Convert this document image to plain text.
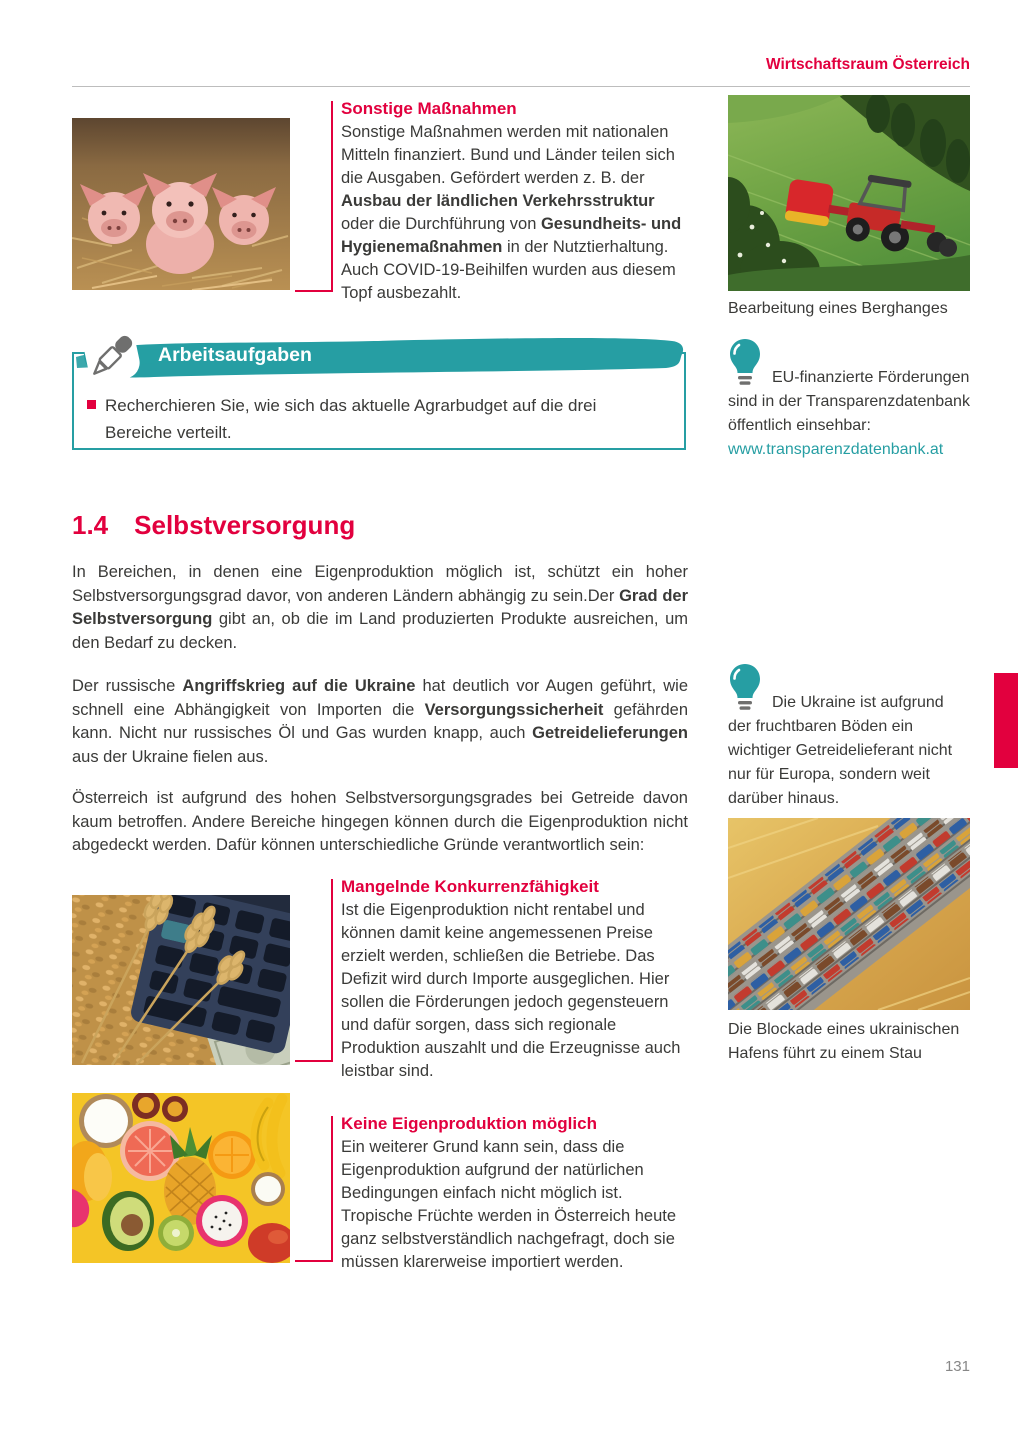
Wirtschaftsraum Österreich
Sonstige Maßnahmen

Sonstige Maßnahmen werden mit nationalen Mitteln finanziert. Bund und Länder teilen sich die Ausgaben. Gefördert werden z. B. der Ausbau der ländlichen Verkehrsstruktur oder die Durchführung von Gesundheits- und Hygienemaßnahmen in der Nutztierhaltung. Auch COVID-19-Beihilfen wurden aus diesem Topf ausbezahlt.

Arbeitsaufgaben
Recherchieren Sie, wie sich das aktuelle Agrarbudget auf die drei Bereiche verteilt.
1.4 Selbstversorgung

In Bereichen, in denen eine Eigenproduktion möglich ist, schützt ein hoher Selbstversorgungsgrad davor, von anderen Ländern abhängig zu sein.Der Grad der Selbstversorgung gibt an, ob die im Land produzierten Produkte ausreichen, um den Bedarf zu decken.

Der russische Angriffskrieg auf die Ukraine hat deutlich vor Augen geführt, wie schnell eine Abhängigkeit von Importen die Versorgungssicherheit gefährden kann. Nicht nur russisches Öl und Gas wurden knapp, auch Getreidelieferungen aus der Ukraine fielen aus.

Österreich ist aufgrund des hohen Selbstversorgungsgrades bei Getreide davon kaum betroffen. Andere Bereiche hingegen können durch die Eigenproduktion nicht abgedeckt werden. Dafür können unterschiedliche Gründe verantwortlich sein:

Mangelnde Konkurrenzfähigkeit

Ist die Eigenproduktion nicht rentabel und können damit keine angemessenen Preise erzielt werden, schließen die Betriebe. Das Defizit wird durch Importe ausgeglichen. Hier sollen die Förderungen jedoch gegensteuern und dafür sorgen, dass sich regionale Produktion auszahlt und die Erzeugnisse auch leistbar sind.

Keine Eigenproduktion möglich

Ein weiterer Grund kann sein, dass die Eigenproduktion aufgrund der natürlichen Bedingungen einfach nicht möglich ist. Tropische Früchte werden in Österreich heute ganz selbstverständlich nachgefragt, doch sie müssen klarerweise importiert werden.

Bearbeitung eines Berghanges

EU-finanzierte Förderungen sind in der Transparenzdatenbank öffentlich einsehbar:

www.transparenzdatenbank.at

Die Ukraine ist aufgrund der fruchtbaren Böden ein wichtiger Getreidelieferant nicht nur für Europa, sondern weit darüber hinaus.

Die Blockade eines ukrainischen Hafens führt zu einem Stau
131
